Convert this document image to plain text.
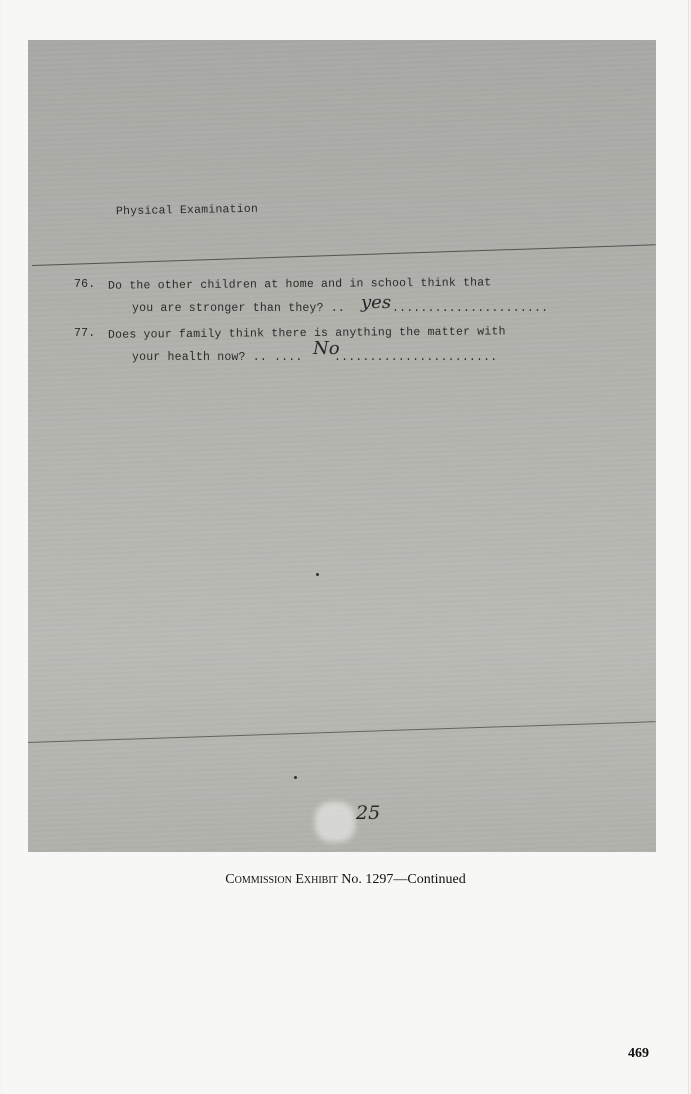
Physical Examination
76. Do the other children at home and in school think that
you are stronger than they? .. yes ......................
77. Does your family think there is anything the matter with
your health now? .. .... No
.......................
25
Commission Exhibit No. 1297—Continued
469
